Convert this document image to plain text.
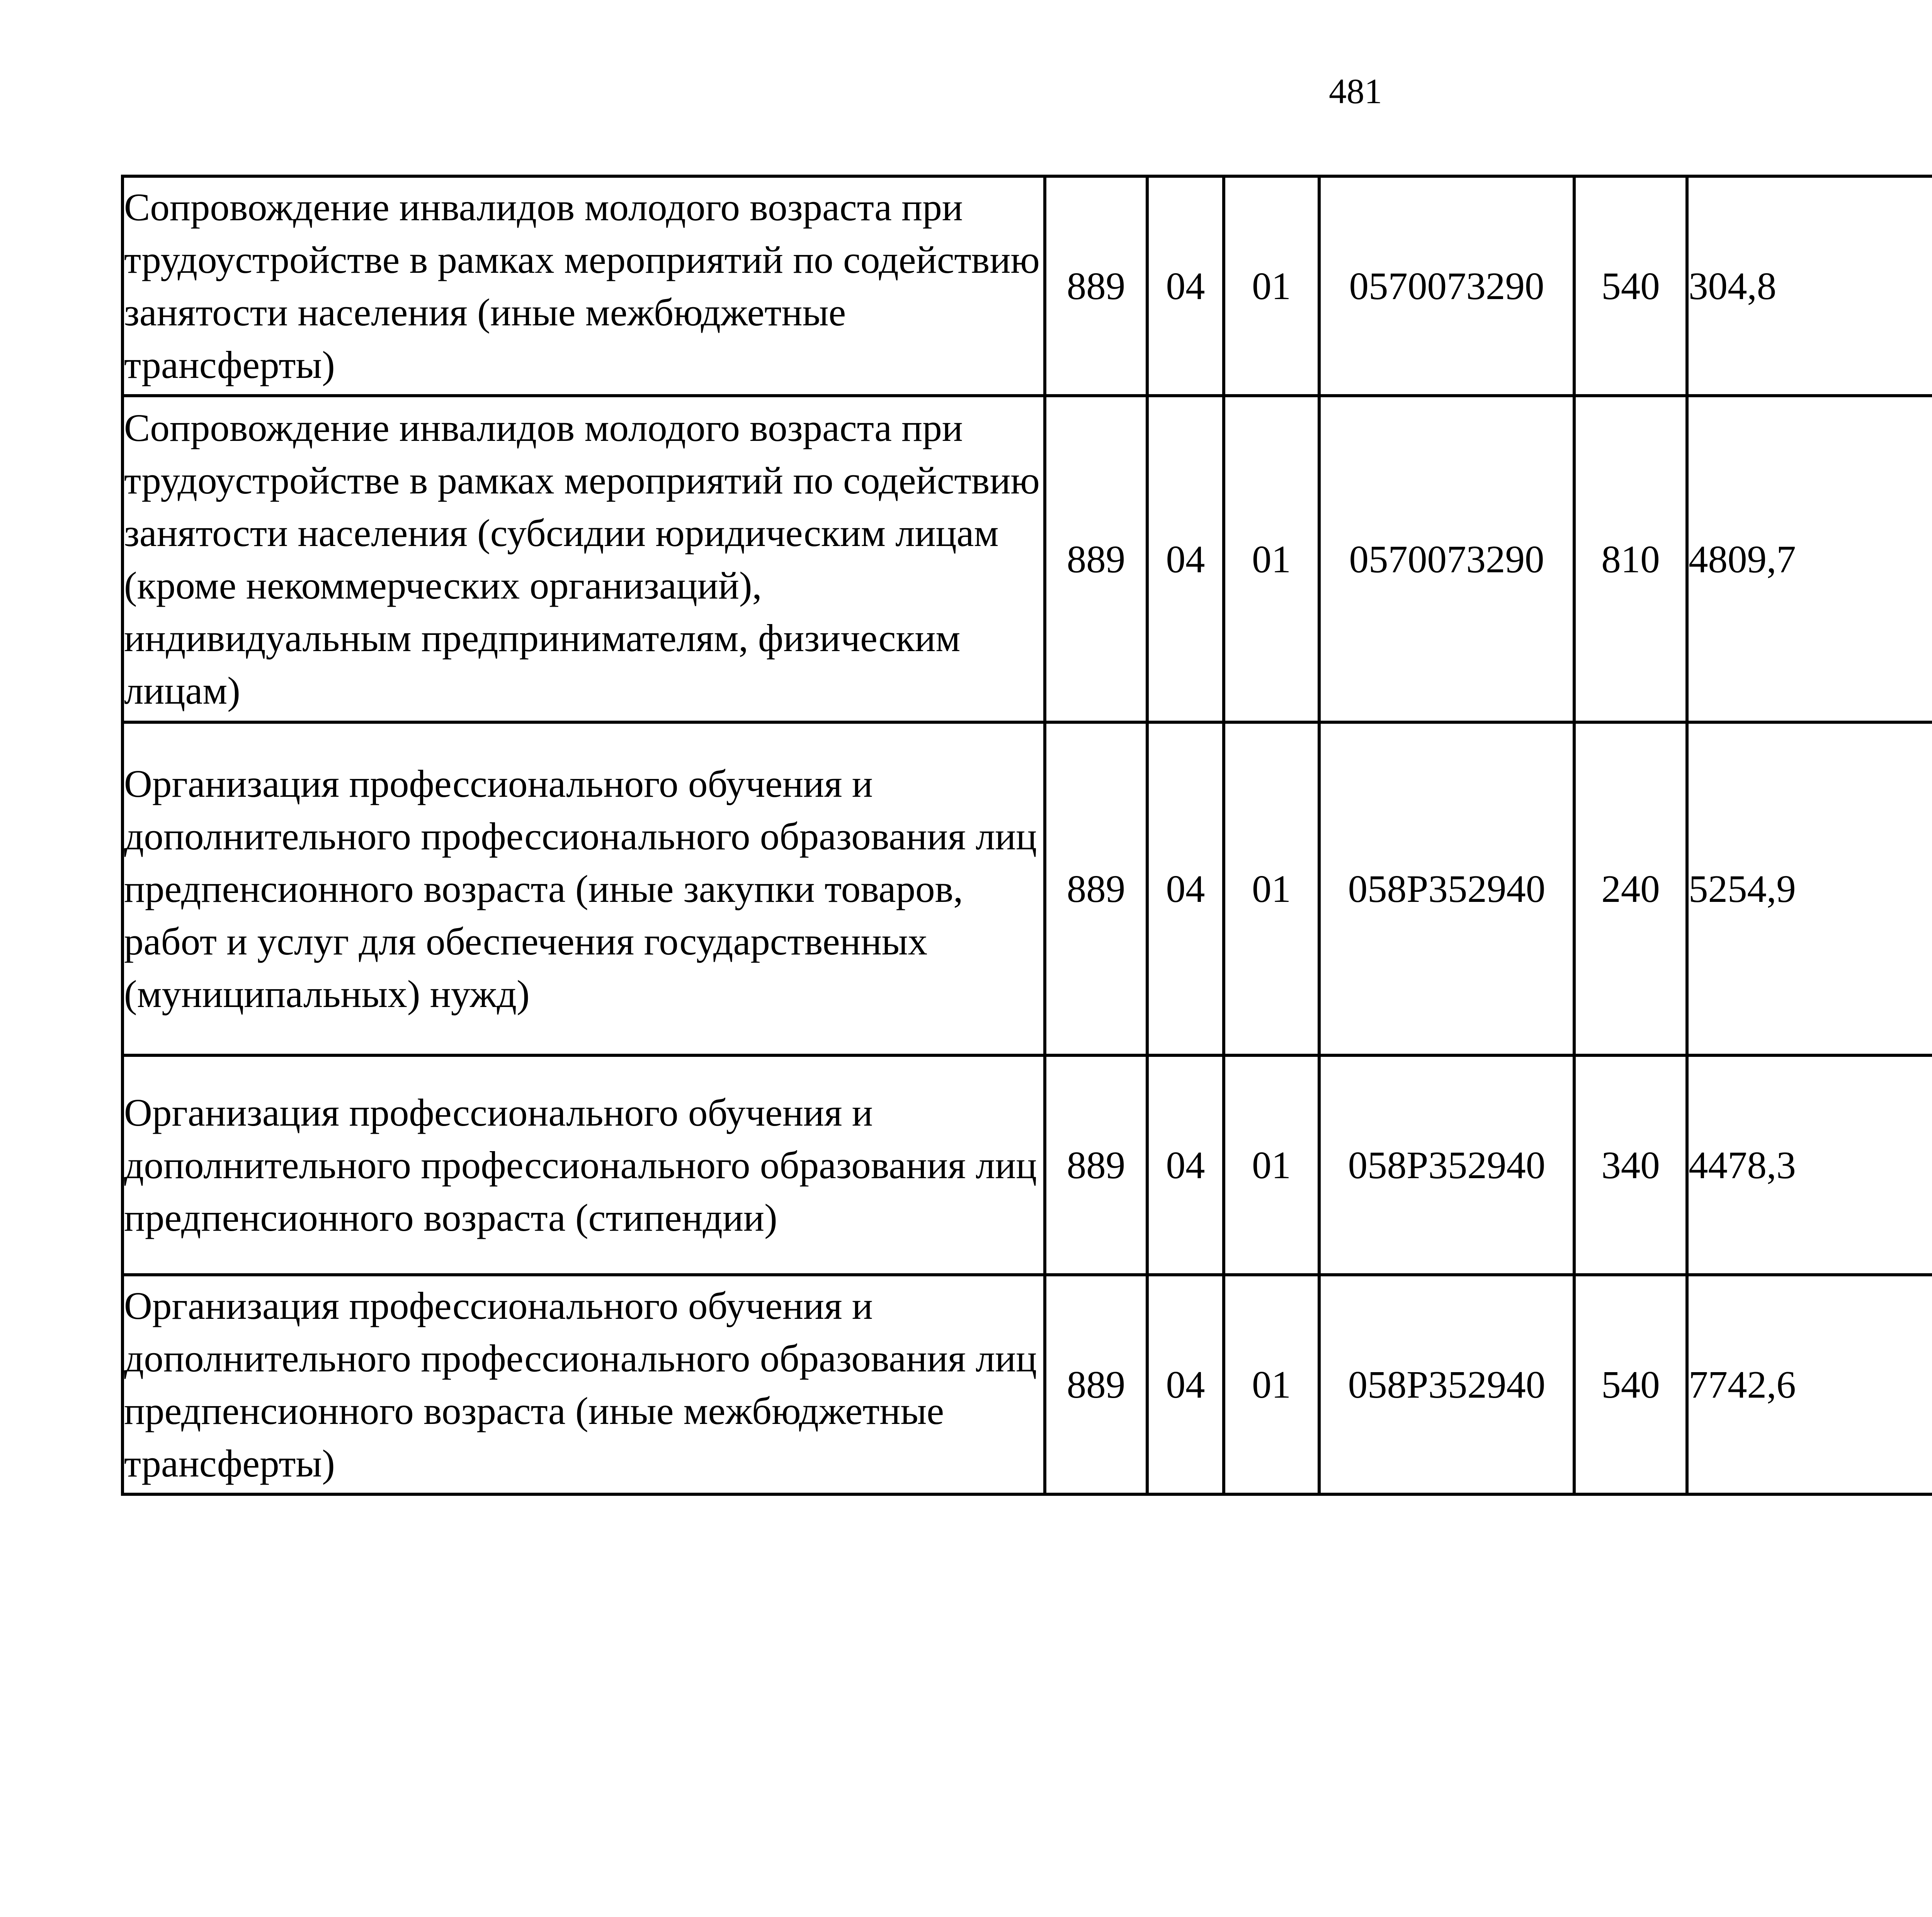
481
Сопровождение инвалидов молодого возраста при трудоустройстве в рамках мероприятий по содействию занятости населения (иные межбюджетные трансферты)	889	04	01	0570073290	540	304,8		
Сопровождение инвалидов молодого возраста при трудоустройстве в рамках мероприятий по содействию занятости населения (субсидии юридическим лицам (кроме некоммерческих организаций), индивидуальным предпринимателям, физическим лицам)	889	04	01	0570073290	810	4809,7		
Организация профессионального обучения и дополнительного профессионального образования лиц предпенсионного возраста (иные закупки товаров, работ и услуг для обеспечения государственных (муниципальных) нужд)	889	04	01	058P352940	240	5254,9		
Организация профессионального обучения и дополнительного профессионального образования лиц предпенсионного возраста (стипендии)	889	04	01	058P352940	340	4478,3		
Организация профессионального обучения и дополнительного профессионального образования лиц предпенсионного возраста (иные межбюджетные трансферты)	889	04	01	058P352940	540	7742,6		
